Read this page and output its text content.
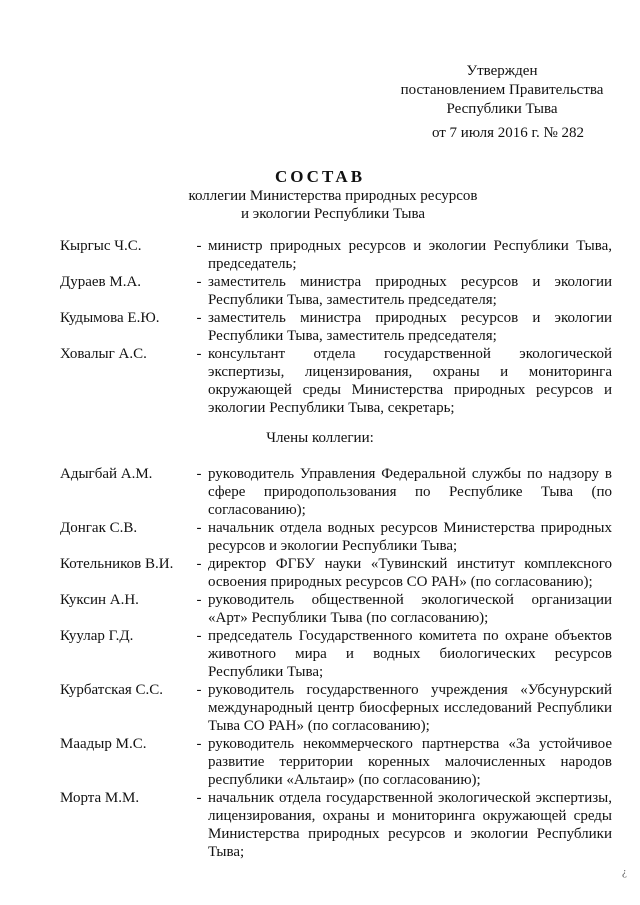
Утвержден
постановлением Правительства
Республики Тыва
от 7 июля 2016 г. № 282
СОСТАВ
коллегии Министерства природных ресурсов
и экологии Республики Тыва
Кыргыс Ч.С.	- министр природных ресурсов и экологии Республики Тыва, председатель;
Дураев М.А.	- заместитель министра природных ресурсов и экологии Республики Тыва, заместитель председателя;
Кудымова Е.Ю.	- заместитель министра природных ресурсов и экологии Республики Тыва, заместитель председателя;
Ховалыг А.С.	- консультант отдела государственной экологической экспертизы, лицензирования, охраны и мониторинга окружающей среды Министерства природных ресурсов и экологии Республики Тыва, секретарь;
Члены коллегии:
Адыгбай А.М.	- руководитель Управления Федеральной службы по надзору в сфере природопользования по Республике Тыва (по согласованию);
Донгак С.В.	- начальник отдела водных ресурсов Министерства природных ресурсов и экологии Республики Тыва;
Котельников В.И.	- директор ФГБУ науки «Тувинский институт комплексного освоения природных ресурсов СО РАН» (по согласованию);
Куксин А.Н.	- руководитель общественной экологической организации «Арт» Республики Тыва (по согласованию);
Куулар Г.Д.	- председатель Государственного комитета по охране объектов животного мира и водных биологических ресурсов Республики Тыва;
Курбатская С.С.	- руководитель государственного учреждения «Убсунурский международный центр биосферных исследований Республики Тыва СО РАН» (по согласованию);
Маадыр М.С.	- руководитель некоммерческого партнерства «За устойчивое развитие территории коренных малочисленных народов республики «Альтаир» (по согласованию);
Морта М.М.	- начальник отдела государственной экологической экспертизы, лицензирования, охраны и мониторинга окружающей среды Министерства природных ресурсов и экологии Республики Тыва;
¿
